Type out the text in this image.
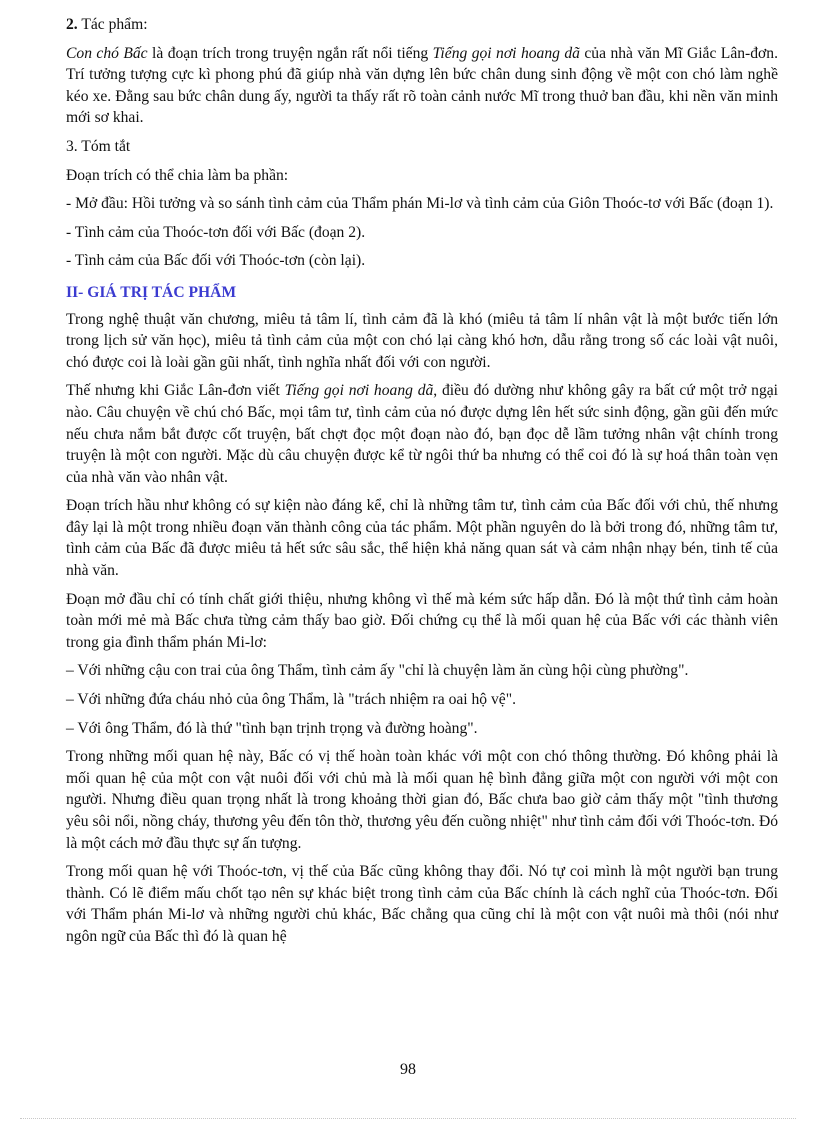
2. Tác phẩm:

Con chó Bấc là đoạn trích trong truyện ngắn rất nổi tiếng Tiếng gọi nơi hoang dã của nhà văn Mĩ Giắc Lân-đơn. Trí tưởng tượng cực kì phong phú đã giúp nhà văn dựng lên bức chân dung sinh động về một con chó làm nghề kéo xe. Đằng sau bức chân dung ấy, người ta thấy rất rõ toàn cảnh nước Mĩ trong thuở ban đầu, khi nền văn minh mới sơ khai.

3. Tóm tắt

Đoạn trích có thể chia làm ba phần:

- Mở đầu: Hồi tưởng và so sánh tình cảm của Thẩm phán Mi-lơ và tình cảm của Giôn Thoóc-tơ với Bấc (đoạn 1).

- Tình cảm của Thoóc-tơn đối với Bấc (đoạn 2).

- Tình cảm của Bấc đối với Thoóc-tơn (còn lại).

II- GIÁ TRỊ TÁC PHẨM

Trong nghệ thuật văn chương, miêu tả tâm lí, tình cảm đã là khó (miêu tả tâm lí nhân vật là một bước tiến lớn trong lịch sử văn học), miêu tả tình cảm của một con chó lại càng khó hơn, dẫu rằng trong số các loài vật nuôi, chó được coi là loài gần gũi nhất, tình nghĩa nhất đối với con người.

Thế nhưng khi Giắc Lân-đơn viết Tiếng gọi nơi hoang dã, điều đó dường như không gây ra bất cứ một trở ngại nào. Câu chuyện về chú chó Bấc, mọi tâm tư, tình cảm của nó được dựng lên hết sức sinh động, gần gũi đến mức nếu chưa nắm bắt được cốt truyện, bất chợt đọc một đoạn nào đó, bạn đọc dễ lầm tưởng nhân vật chính trong truyện là một con người. Mặc dù câu chuyện được kể từ ngôi thứ ba nhưng có thể coi đó là sự hoá thân toàn vẹn của nhà văn vào nhân vật.

Đoạn trích hầu như không có sự kiện nào đáng kể, chỉ là những tâm tư, tình cảm của Bấc đối với chủ, thế nhưng đây lại là một trong nhiều đoạn văn thành công của tác phẩm. Một phần nguyên do là bởi trong đó, những tâm tư, tình cảm của Bấc đã được miêu tả hết sức sâu sắc, thể hiện khả năng quan sát và cảm nhận nhạy bén, tinh tế của nhà văn.

Đoạn mở đầu chỉ có tính chất giới thiệu, nhưng không vì thế mà kém sức hấp dẫn. Đó là một thứ tình cảm hoàn toàn mới mẻ mà Bấc chưa từng cảm thấy bao giờ. Đối chứng cụ thể là mối quan hệ của Bấc với các thành viên trong gia đình thẩm phán Mi-lơ:

– Với những cậu con trai của ông Thẩm, tình cảm ấy "chỉ là chuyện làm ăn cùng hội cùng phường".

– Với những đứa cháu nhỏ của ông Thẩm, là "trách nhiệm ra oai hộ vệ".

– Với ông Thẩm, đó là thứ "tình bạn trịnh trọng và đường hoàng".

Trong những mối quan hệ này, Bấc có vị thế hoàn toàn khác với một con chó thông thường. Đó không phải là mối quan hệ của một con vật nuôi đối với chủ mà là mối quan hệ bình đẳng giữa một con người với một con người. Nhưng điều quan trọng nhất là trong khoảng thời gian đó, Bấc chưa bao giờ cảm thấy một "tình thương yêu sôi nổi, nồng cháy, thương yêu đến tôn thờ, thương yêu đến cuồng nhiệt" như tình cảm đối với Thoóc-tơn. Đó là một cách mở đầu thực sự ấn tượng.

Trong mối quan hệ với Thoóc-tơn, vị thế của Bấc cũng không thay đổi. Nó tự coi mình là một người bạn trung thành. Có lẽ điểm mấu chốt tạo nên sự khác biệt trong tình cảm của Bấc chính là cách nghĩ của Thoóc-tơn. Đối với Thẩm phán Mi-lơ và những người chủ khác, Bấc chẳng qua cũng chỉ là một con vật nuôi mà thôi (nói như ngôn ngữ của Bấc thì đó là quan hệ

98
